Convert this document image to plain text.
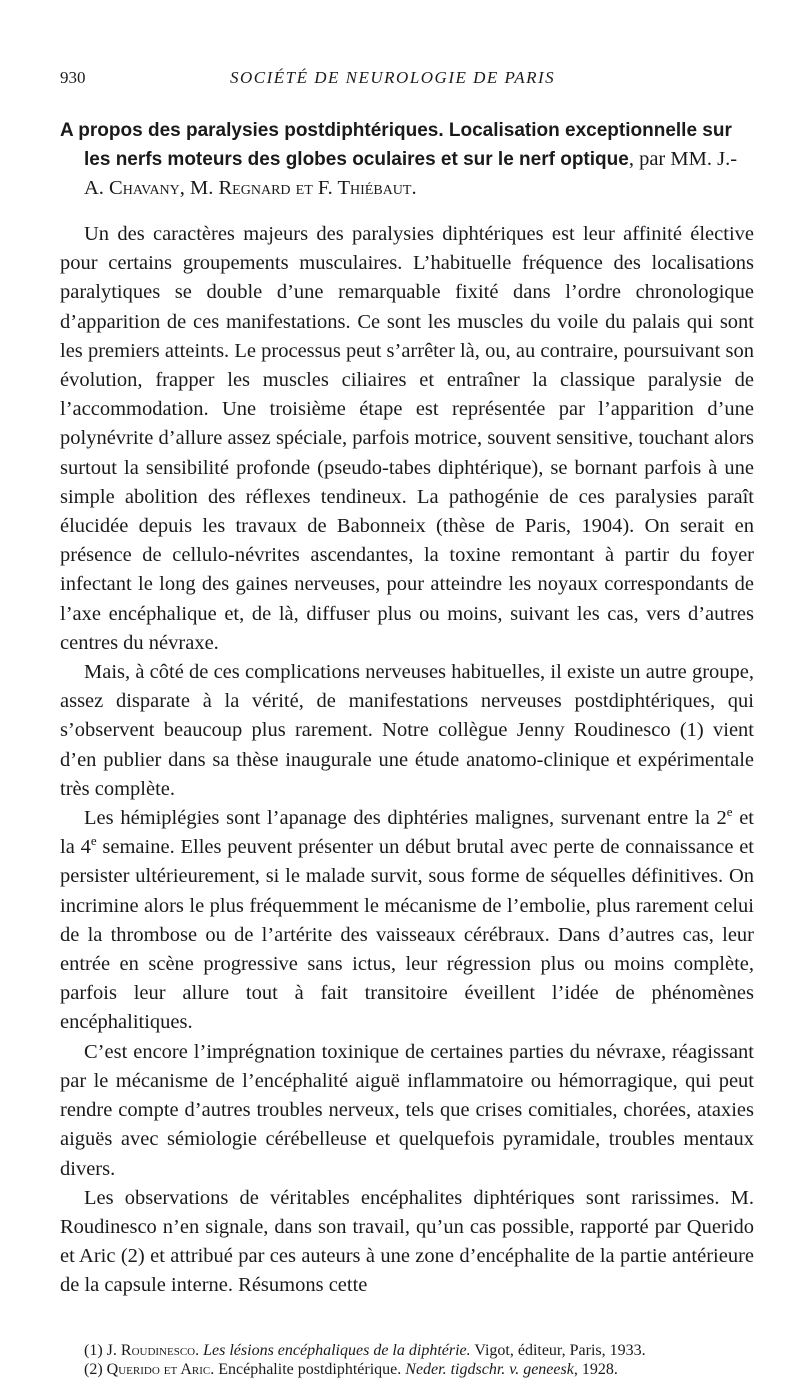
930	SOCIÉTÉ DE NEUROLOGIE DE PARIS
A propos des paralysies postdiphtériques. Localisation exceptionnelle sur les nerfs moteurs des globes oculaires et sur le nerf optique, par MM. J.-A. Chavany, M. Regnard et F. Thiébaut.

Un des caractères majeurs des paralysies diphtériques est leur affinité élective pour certains groupements musculaires. L’habituelle fréquence des localisations paralytiques se double d’une remarquable fixité dans l’ordre chronologique d’apparition de ces manifestations. Ce sont les muscles du voile du palais qui sont les premiers atteints. Le processus peut s’arrêter là, ou, au contraire, poursuivant son évolution, frapper les muscles ciliaires et entraîner la classique paralysie de l’accommodation. Une troisième étape est représentée par l’apparition d’une polynévrite d’allure assez spéciale, parfois motrice, souvent sensitive, touchant alors surtout la sensibilité profonde (pseudo-tabes diphtérique), se bornant parfois à une simple abolition des réflexes tendineux. La pathogénie de ces paralysies paraît élucidée depuis les travaux de Babonneix (thèse de Paris, 1904). On serait en présence de cellulo-névrites ascendantes, la toxine remontant à partir du foyer infectant le long des gaines nerveuses, pour atteindre les noyaux correspondants de l’axe encéphalique et, de là, diffuser plus ou moins, suivant les cas, vers d’autres centres du névraxe.

Mais, à côté de ces complications nerveuses habituelles, il existe un autre groupe, assez disparate à la vérité, de manifestations nerveuses postdiphtériques, qui s’observent beaucoup plus rarement. Notre collègue Jenny Roudinesco (1) vient d’en publier dans sa thèse inaugurale une étude anatomo-clinique et expérimentale très complète.

Les hémiplégies sont l’apanage des diphtéries malignes, survenant entre la 2e et la 4e semaine. Elles peuvent présenter un début brutal avec perte de connaissance et persister ultérieurement, si le malade survit, sous forme de séquelles définitives. On incrimine alors le plus fréquemment le mécanisme de l’embolie, plus rarement celui de la thrombose ou de l’artérite des vaisseaux cérébraux. Dans d’autres cas, leur entrée en scène progressive sans ictus, leur régression plus ou moins complète, parfois leur allure tout à fait transitoire éveillent l’idée de phénomènes encéphalitiques.

C’est encore l’imprégnation toxinique de certaines parties du névraxe, réagissant par le mécanisme de l’encéphalité aiguë inflammatoire ou hémorragique, qui peut rendre compte d’autres troubles nerveux, tels que crises comitiales, chorées, ataxies aiguës avec sémiologie cérébelleuse et quelquefois pyramidale, troubles mentaux divers.

Les observations de véritables encéphalites diphtériques sont rarissimes. M. Roudinesco n’en signale, dans son travail, qu’un cas possible, rapporté par Querido et Aric (2) et attribué par ces auteurs à une zone d’encéphalite de la partie antérieure de la capsule interne. Résumons cette

(1) J. Roudinesco. Les lésions encéphaliques de la diphtérie. Vigot, éditeur, Paris, 1933.
(2) Querido et Aric. Encéphalite postdiphtérique. Neder. tigdschr. v. geneesk, 1928.
